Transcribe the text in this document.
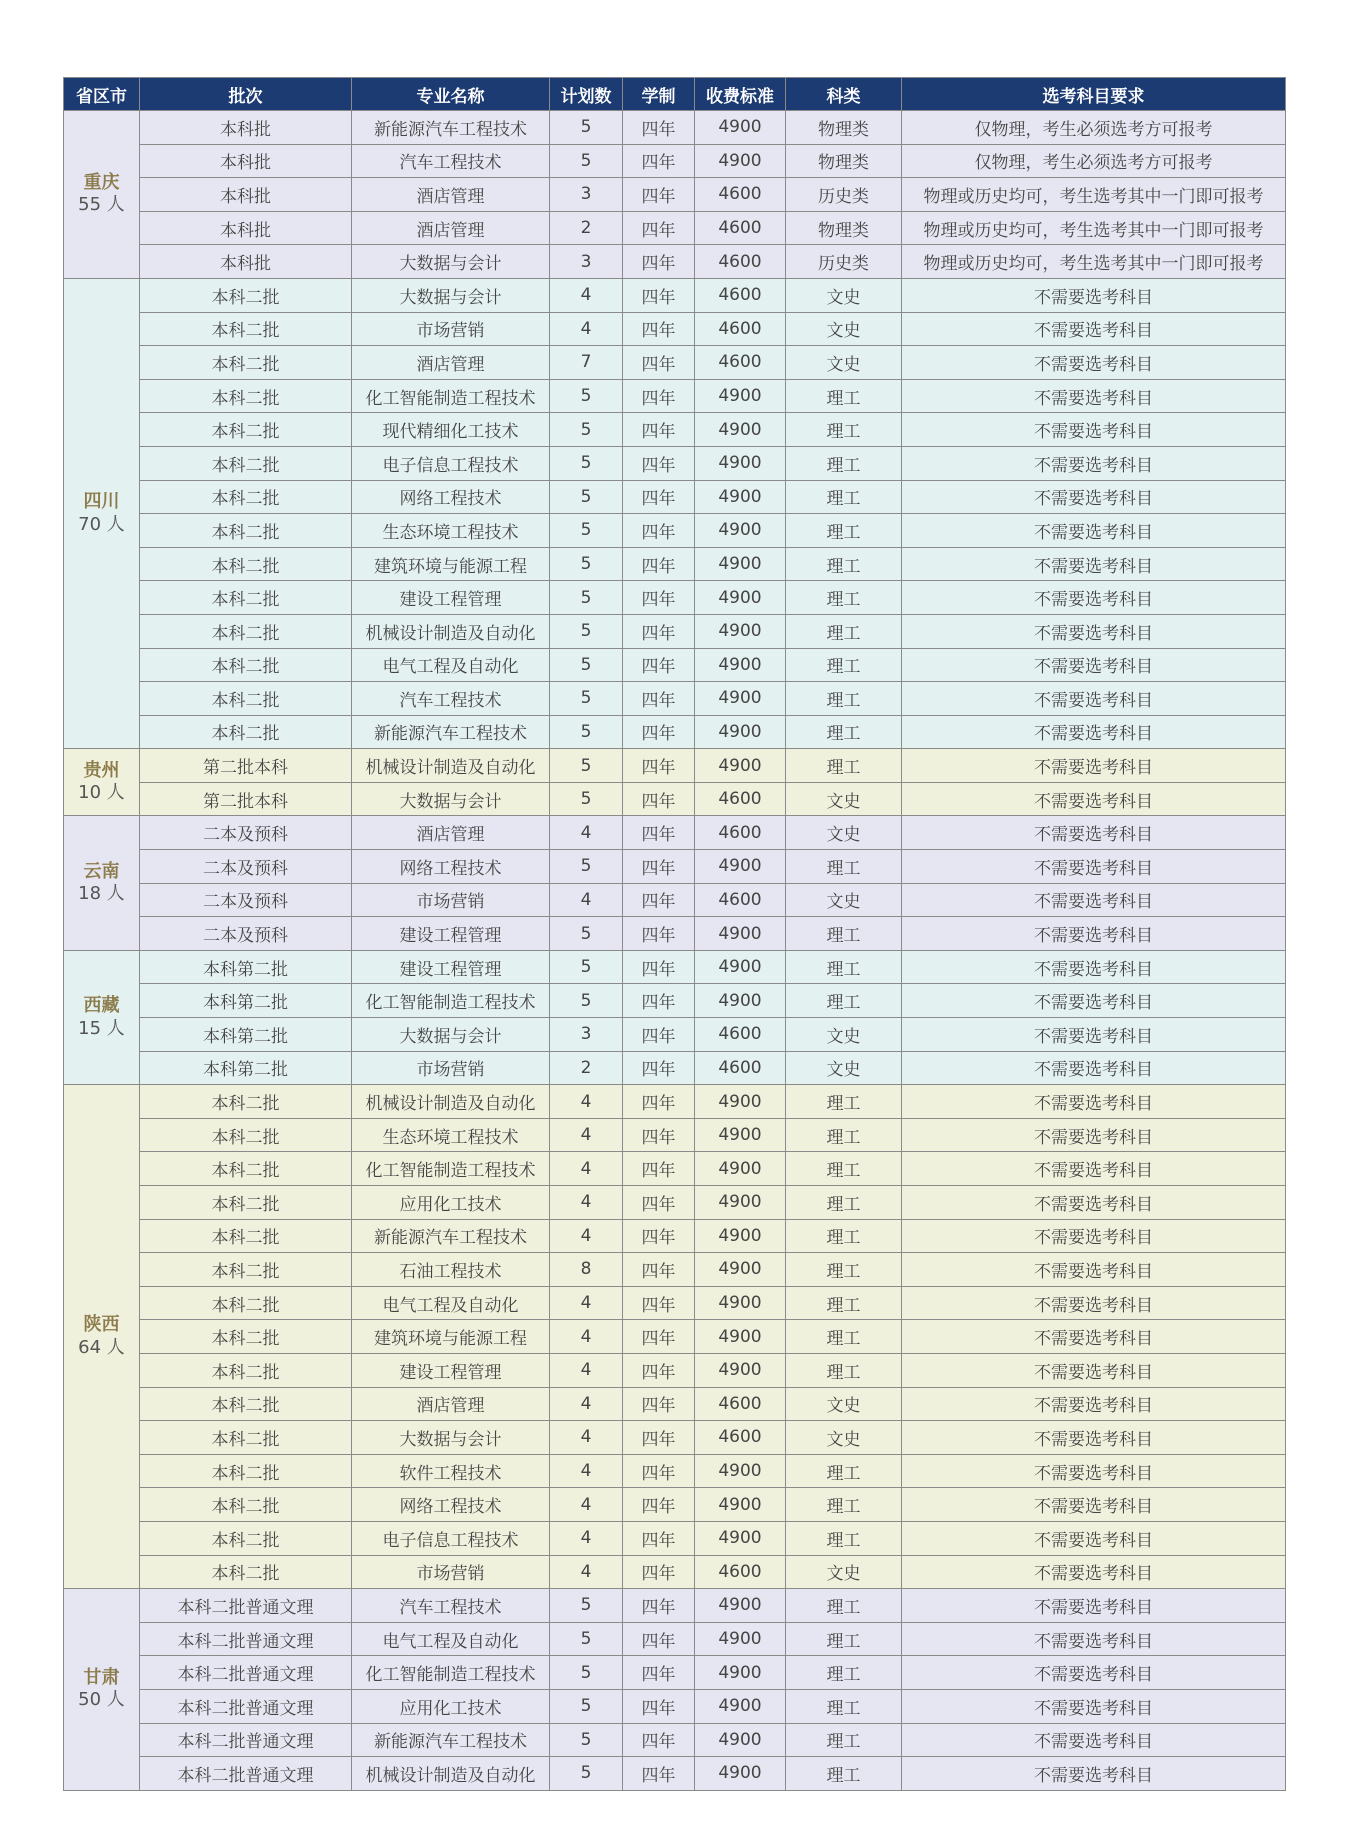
省区市	批次	专业名称	计划数	学制	收费标准	科类	选考科目要求

重庆
55 人	本科批	新能源汽车工程技术	5	四年	4900	物理类	仅物理，考生必须选考方可报考
	本科批	汽车工程技术	5	四年	4900	物理类	仅物理，考生必须选考方可报考
	本科批	酒店管理	3	四年	4600	历史类	物理或历史均可，考生选考其中一门即可报考
	本科批	酒店管理	2	四年	4600	物理类	物理或历史均可，考生选考其中一门即可报考
	本科批	大数据与会计	3	四年	4600	历史类	物理或历史均可，考生选考其中一门即可报考

四川
70 人	本科二批	大数据与会计	4	四年	4600	文史	不需要选考科目
	本科二批	市场营销	4	四年	4600	文史	不需要选考科目
	本科二批	酒店管理	7	四年	4600	文史	不需要选考科目
	本科二批	化工智能制造工程技术	5	四年	4900	理工	不需要选考科目
	本科二批	现代精细化工技术	5	四年	4900	理工	不需要选考科目
	本科二批	电子信息工程技术	5	四年	4900	理工	不需要选考科目
	本科二批	网络工程技术	5	四年	4900	理工	不需要选考科目
	本科二批	生态环境工程技术	5	四年	4900	理工	不需要选考科目
	本科二批	建筑环境与能源工程	5	四年	4900	理工	不需要选考科目
	本科二批	建设工程管理	5	四年	4900	理工	不需要选考科目
	本科二批	机械设计制造及自动化	5	四年	4900	理工	不需要选考科目
	本科二批	电气工程及自动化	5	四年	4900	理工	不需要选考科目
	本科二批	汽车工程技术	5	四年	4900	理工	不需要选考科目
	本科二批	新能源汽车工程技术	5	四年	4900	理工	不需要选考科目

贵州
10 人	第二批本科	机械设计制造及自动化	5	四年	4900	理工	不需要选考科目
	第二批本科	大数据与会计	5	四年	4600	文史	不需要选考科目

云南
18 人	二本及预科	酒店管理	4	四年	4600	文史	不需要选考科目
	二本及预科	网络工程技术	5	四年	4900	理工	不需要选考科目
	二本及预科	市场营销	4	四年	4600	文史	不需要选考科目
	二本及预科	建设工程管理	5	四年	4900	理工	不需要选考科目

西藏
15 人	本科第二批	建设工程管理	5	四年	4900	理工	不需要选考科目
	本科第二批	化工智能制造工程技术	5	四年	4900	理工	不需要选考科目
	本科第二批	大数据与会计	3	四年	4600	文史	不需要选考科目
	本科第二批	市场营销	2	四年	4600	文史	不需要选考科目

陕西
64 人	本科二批	机械设计制造及自动化	4	四年	4900	理工	不需要选考科目
	本科二批	生态环境工程技术	4	四年	4900	理工	不需要选考科目
	本科二批	化工智能制造工程技术	4	四年	4900	理工	不需要选考科目
	本科二批	应用化工技术	4	四年	4900	理工	不需要选考科目
	本科二批	新能源汽车工程技术	4	四年	4900	理工	不需要选考科目
	本科二批	石油工程技术	8	四年	4900	理工	不需要选考科目
	本科二批	电气工程及自动化	4	四年	4900	理工	不需要选考科目
	本科二批	建筑环境与能源工程	4	四年	4900	理工	不需要选考科目
	本科二批	建设工程管理	4	四年	4900	理工	不需要选考科目
	本科二批	酒店管理	4	四年	4600	文史	不需要选考科目
	本科二批	大数据与会计	4	四年	4600	文史	不需要选考科目
	本科二批	软件工程技术	4	四年	4900	理工	不需要选考科目
	本科二批	网络工程技术	4	四年	4900	理工	不需要选考科目
	本科二批	电子信息工程技术	4	四年	4900	理工	不需要选考科目
	本科二批	市场营销	4	四年	4600	文史	不需要选考科目

甘肃
50 人	本科二批普通文理	汽车工程技术	5	四年	4900	理工	不需要选考科目
	本科二批普通文理	电气工程及自动化	5	四年	4900	理工	不需要选考科目
	本科二批普通文理	化工智能制造工程技术	5	四年	4900	理工	不需要选考科目
	本科二批普通文理	应用化工技术	5	四年	4900	理工	不需要选考科目
	本科二批普通文理	新能源汽车工程技术	5	四年	4900	理工	不需要选考科目
	本科二批普通文理	机械设计制造及自动化	5	四年	4900	理工	不需要选考科目
